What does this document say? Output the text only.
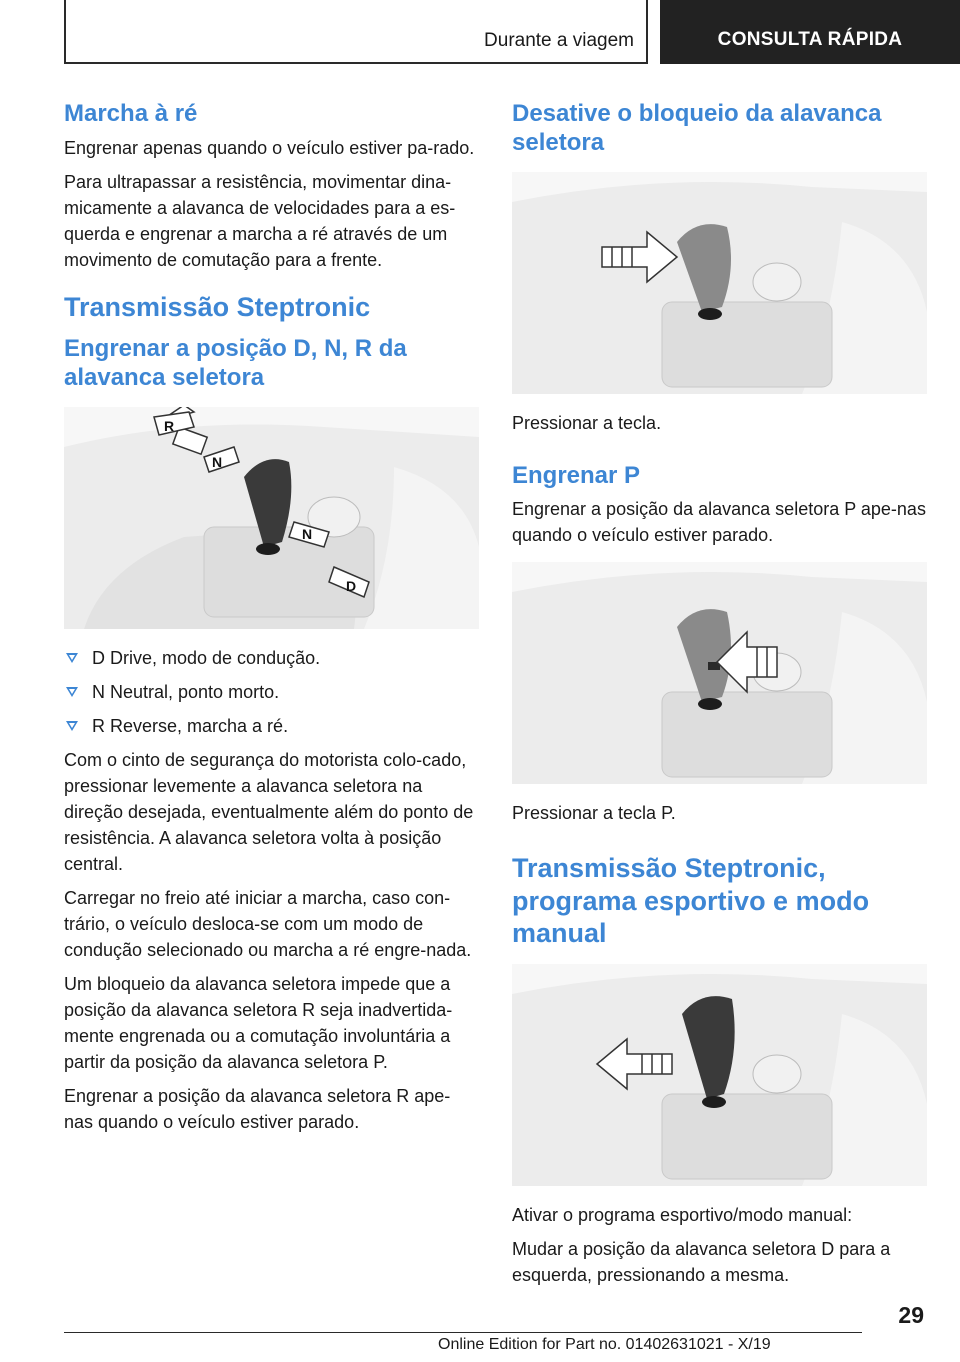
Durante a viagem	CONSULTA RÁPIDA
Marcha à ré

Engrenar apenas quando o veículo estiver pa-rado.

Para ultrapassar a resistência, movimentar dina-micamente a alavanca de velocidades para a es-querda e engrenar a marcha a ré através de um movimento de comutação para a frente.

Transmissão Steptronic
Engrenar a posição D, N, R da alavanca seletora
R
N
N
D
D Drive, modo de condução.
N Neutral, ponto morto.
R Reverse, marcha a ré.

Com o cinto de segurança do motorista colo-cado, pressionar levemente a alavanca seletora na direção desejada, eventualmente além do ponto de resistência. A alavanca seletora volta à posição central.

Carregar no freio até iniciar a marcha, caso con-trário, o veículo desloca-se com um modo de condução selecionado ou marcha a ré engre-nada.

Um bloqueio da alavanca seletora impede que a posição da alavanca seletora R seja inadvertida-mente engrenada ou a comutação involuntária a partir da posição da alavanca seletora P.

Engrenar a posição da alavanca seletora R ape-nas quando o veículo estiver parado.

Desative o bloqueio da alavanca seletora

Pressionar a tecla.

Engrenar P

Engrenar a posição da alavanca seletora P ape-nas quando o veículo estiver parado.

Pressionar a tecla P.

Transmissão Steptronic, programa esportivo e modo manual

Ativar o programa esportivo/modo manual:

Mudar a posição da alavanca seletora D para a esquerda, pressionando a mesma.

29
Online Edition for Part no. 01402631021 - X/19
